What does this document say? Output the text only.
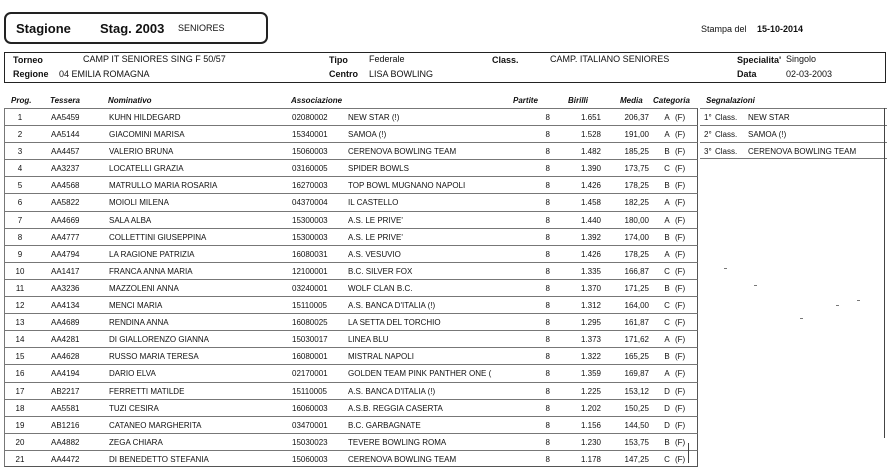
Stagione Stag. 2003 SENIORES	Stampa del 15-10-2014
Torneo	CAMP IT SENIORES SING F 50/57
Regione 04 EMILIA ROMAGNA
Tipo Federale
Centro LISA BOWLING
Class.	CAMP. ITALIANO SENIORES	Specialita' Singolo
Data	02-03-2003
Prog. Tessera	Nominativo	Associazione	Partite	Birilli	Media Categoria Segnalazioni
1	AA5459	KUHN HILDEGARD	02080002	NEW STAR (!)	8	1.651	206,37 A (F)
2	AA5144	GIACOMINI MARISA	15340001	SAMOA (!)	8	1.528	191,00 A (F)
3	AA4457	VALERIO BRUNA	15060003	CERENOVA BOWLING TEAM	8	1.482	185,25 B (F)
4	AA3237	LOCATELLI GRAZIA	03160005	SPIDER BOWLS	8	1.390	173,75 C (F)
5	AA4568	MATRULLO MARIA ROSARIA	16270003	TOP BOWL MUGNANO NAPOLI	8	1.426	178,25 B (F)
6	AA5822	MOIOLI MILENA	04370004	IL CASTELLO	8	1.458	182,25 A (F)
7	AA4669	SALA ALBA	15300003	A.S. LE PRIVE'	8	1.440	180,00 A (F)
8	AA4777	COLLETTINI GIUSEPPINA	15300003	A.S. LE PRIVE'	8	1.392	174,00 B (F)
9	AA4794	LA RAGIONE PATRIZIA	16080031	A.S. VESUVIO	8	1.426	178,25 A (F)
10	AA1417	FRANCA ANNA MARIA	12100001	B.C. SILVER FOX	8	1.335	166,87 C (F)
11	AA3236	MAZZOLENI ANNA	03240001	WOLF CLAN B.C.	8	1.370	171,25 B (F)
12	AA4134	MENCI MARIA	15110005	A.S. BANCA D'ITALIA (!)	8	1.312	164,00 C (F)
13	AA4689	RENDINA ANNA	16080025	LA SETTA DEL TORCHIO	8	1.295	161,87 C (F)
14	AA4281	DI GIALLORENZO GIANNA	15030017	LINEA BLU	8	1.373	171,62 A (F)
15	AA4628	RUSSO MARIA TERESA	16080001	MISTRAL NAPOLI	8	1.322	165,25 B (F)
16	AA4194	DARIO ELVA	02170001	GOLDEN TEAM PINK PANTHER ONE (	8	1.359	169,87 A (F)
17	AB2217	FERRETTI MATILDE	15110005	A.S. BANCA D'ITALIA (!)	8	1.225	153,12 D (F)
18	AA5581	TUZI CESIRA	16060003	A.S.B. REGGIA CASERTA	8	1.202	150,25 D (F)
19	AB1216	CATANEO MARGHERITA	03470001	B.C. GARBAGNATE	8	1.156	144,50 D (F)
20	AA4882	ZEGA CHIARA	15030023	TEVERE BOWLING ROMA	8	1.230	153,75 B (F)
21	AA4472	DI BENEDETTO STEFANIA	15060003	CERENOVA BOWLING TEAM	8	1.178	147,25 C (F)
1° Class. NEW STAR
2° Class. SAMOA (!)
3° Class. CERENOVA BOWLING TEAM
